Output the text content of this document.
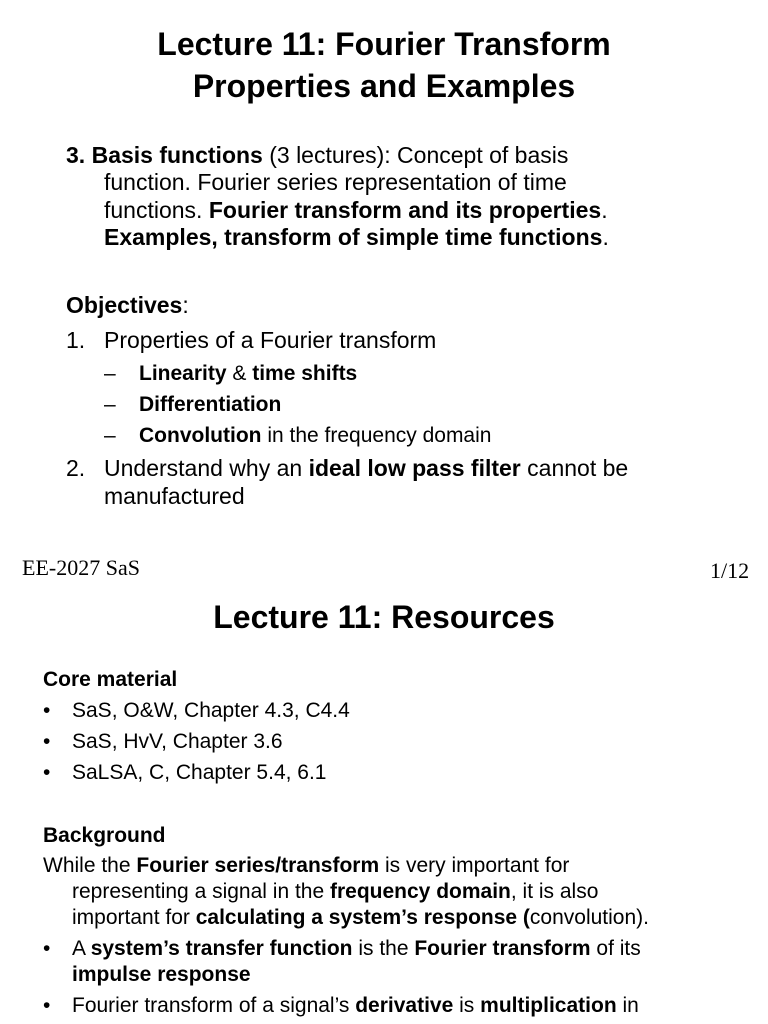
Lecture 11: Fourier Transform
Properties and Examples
3. Basis functions (3 lectures): Concept of basis
function. Fourier series representation of time
functions. Fourier transform and its properties.
Examples, transform of simple time functions.
Objectives:
1. Properties of a Fourier transform
– Linearity & time shifts
– Differentiation
– Convolution in the frequency domain
2. Understand why an ideal low pass filter cannot be
manufactured
EE-2027 SaS	1/12
Lecture 11: Resources
Core material
• SaS, O&W, Chapter 4.3, C4.4
• SaS, HvV, Chapter 3.6
• SaLSA, C, Chapter 5.4, 6.1
Background
While the Fourier series/transform is very important for
representing a signal in the frequency domain, it is also
important for calculating a system’s response (convolution).
• A system’s transfer function is the Fourier transform of its
impulse response
• Fourier transform of a signal’s derivative is multiplication in
